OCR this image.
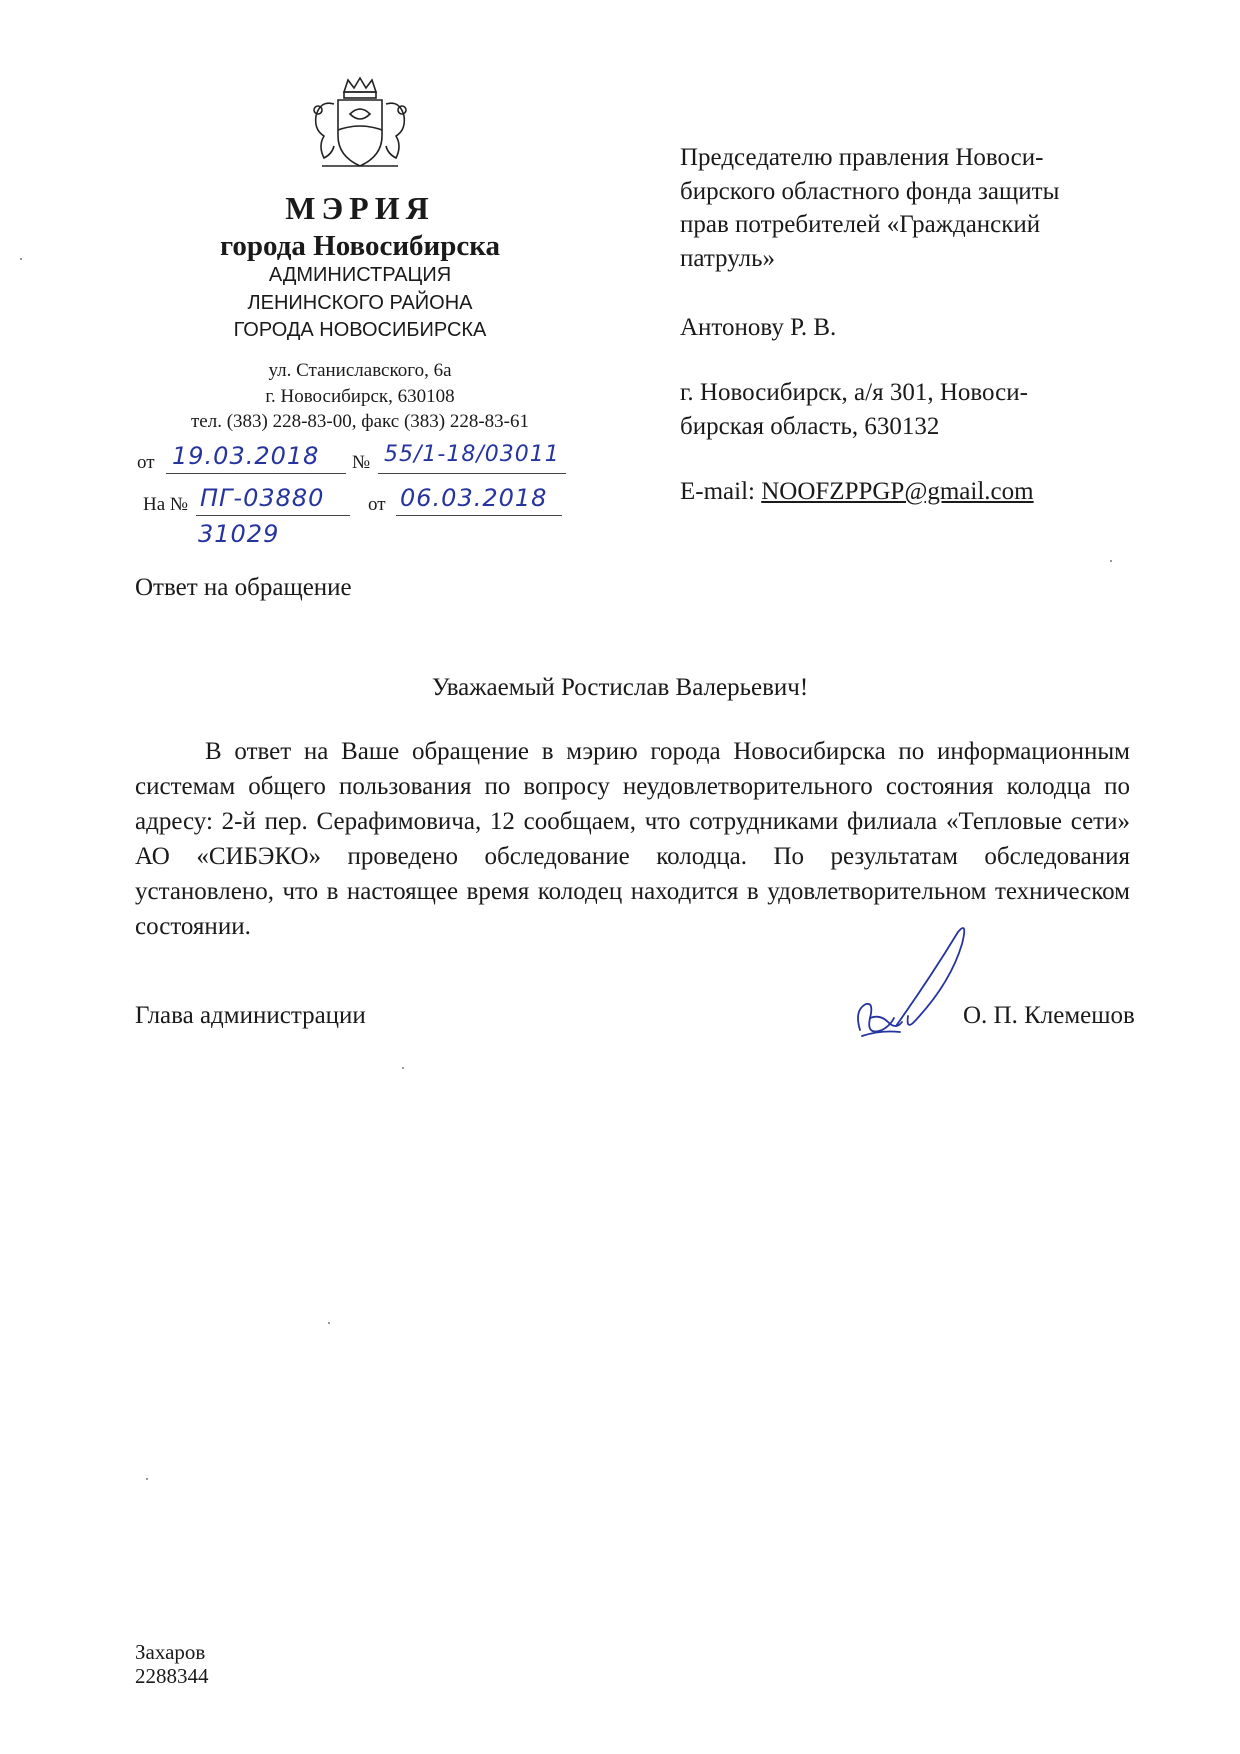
МЭРИЯ
города Новосибирска
АДМИНИСТРАЦИЯ
ЛЕНИНСКОГО РАЙОНА
ГОРОДА НОВОСИБИРСКА
ул. Станиславского, 6а
г. Новосибирск, 630108
тел. (383) 228-83-00, факс (383) 228-83-61
от 19.03.2018 № 55/1-18/03011
На № ПГ-03880 от 06.03.2018
31029
Председателю правления Новоси-
бирского областного фонда защиты
прав потребителей «Гражданский
патруль»
Антонову Р. В.
г. Новосибирск, а/я 301, Новоси-
бирская область, 630132
E-mail: NOOFZPPGP@gmail.com
Ответ на обращение
Уважаемый Ростислав Валерьевич!

В ответ на Ваше обращение в мэрию города Новосибирска по информационным системам общего пользования по вопросу неудовлетворительного состояния колодца по адресу: 2-й пер. Серафимовича, 12 сообщаем, что сотрудниками филиала «Тепловые сети» АО «СИБЭКО» проведено обследование колодца. По результатам обследования установлено, что в настоящее время колодец находится в удовлетворительном техническом состоянии.

Глава администрации	О. П. Клемешов
Захаров
2288344
